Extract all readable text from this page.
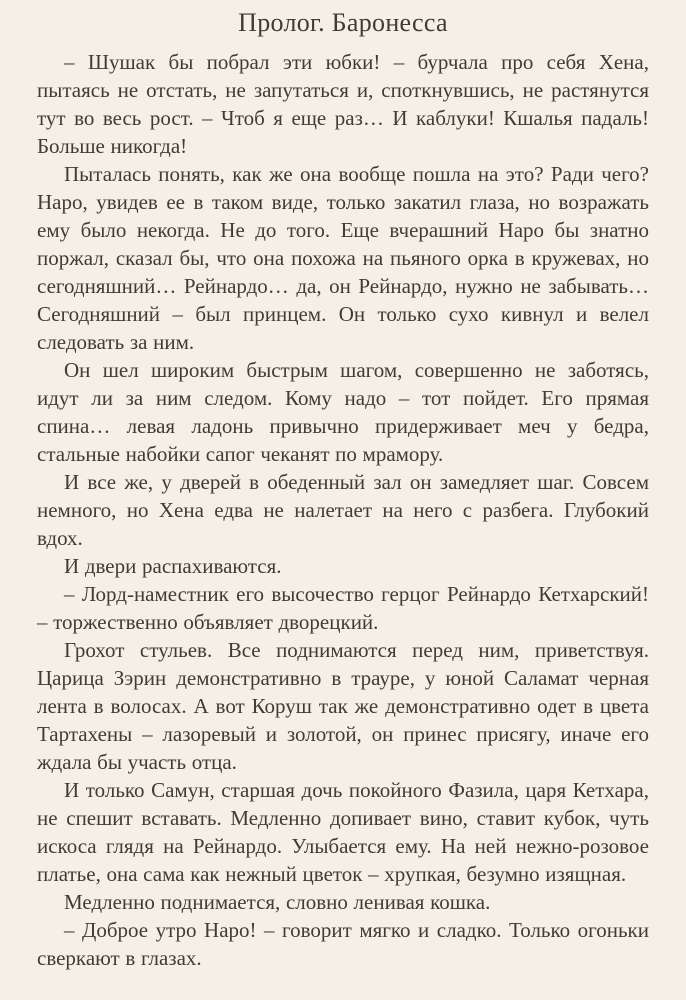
Пролог. Баронесса

– Шушак бы побрал эти юбки! – бурчала про себя Хена, пытаясь не отстать, не запутаться и, споткнувшись, не растянутся тут во весь рост. – Чтоб я еще раз… И каблуки! Кшалья падаль! Больше никогда!

Пыталась понять, как же она вообще пошла на это? Ради чего? Наро, увидев ее в таком виде, только закатил глаза, но возражать ему было некогда. Не до того. Еще вчерашний Наро бы знатно поржал, сказал бы, что она похожа на пьяного орка в кружевах, но сегодняшний… Рейнардо… да, он Рейнардо, нужно не забывать… Сегодняшний – был принцем. Он только сухо кивнул и велел следовать за ним.

Он шел широким быстрым шагом, совершенно не заботясь, идут ли за ним следом. Кому надо – тот пойдет. Его прямая спина… левая ладонь привычно придерживает меч у бедра, стальные набойки сапог чеканят по мрамору.

И все же, у дверей в обеденный зал он замедляет шаг. Совсем немного, но Хена едва не налетает на него с разбега. Глубокий вдох.

И двери распахиваются.

– Лорд-наместник его высочество герцог Рейнардо Кетхарский! – торжественно объявляет дворецкий.

Грохот стульев. Все поднимаются перед ним, приветствуя. Царица Зэрин демонстративно в трауре, у юной Саламат черная лента в волосах. А вот Коруш так же демонстративно одет в цвета Тартахены – лазоревый и золотой, он принес присягу, иначе его ждала бы участь отца.

И только Самун, старшая дочь покойного Фазила, царя Кетхара, не спешит вставать. Медленно допивает вино, ставит кубок, чуть искоса глядя на Рейнардо. Улыбается ему. На ней нежно-розовое платье, она сама как нежный цветок – хрупкая, безумно изящная.

Медленно поднимается, словно ленивая кошка.

– Доброе утро Наро! – говорит мягко и сладко. Только огоньки сверкают в глазах.
